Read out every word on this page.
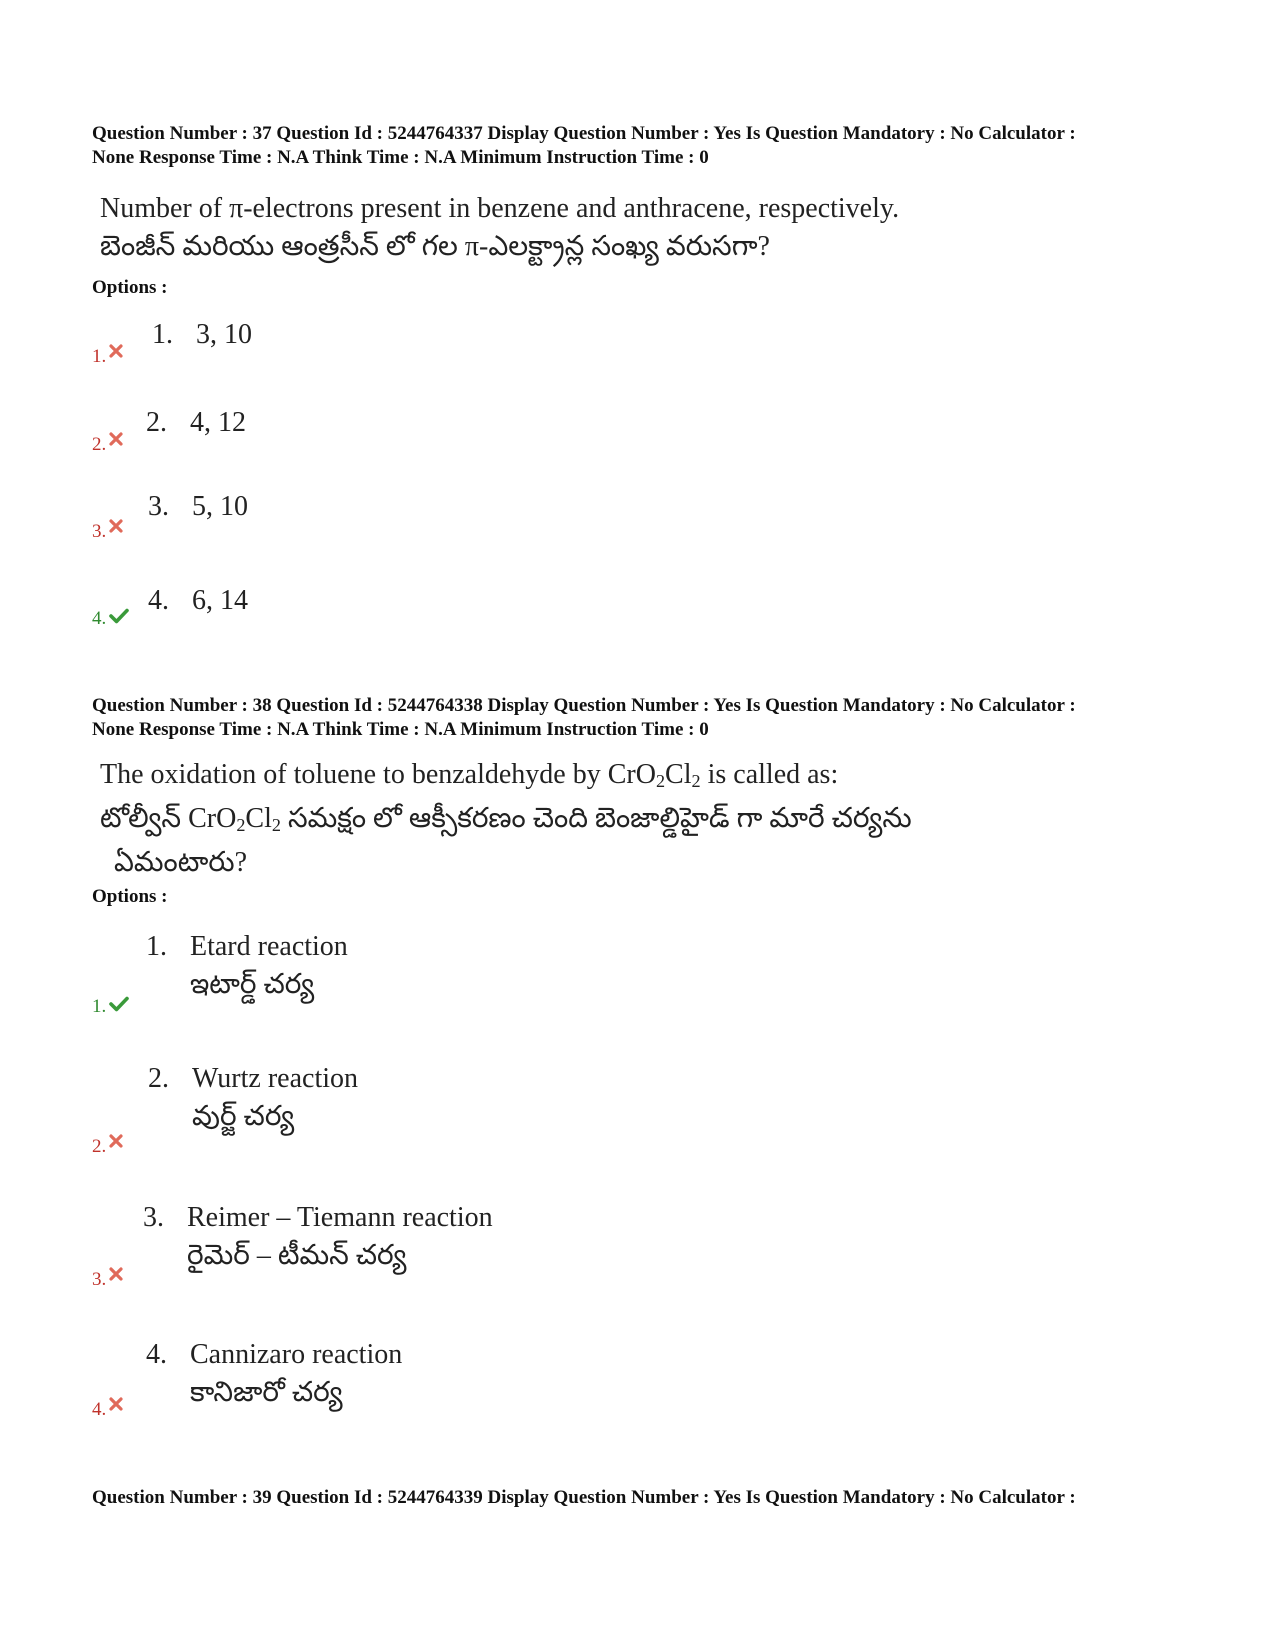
Question Number : 37 Question Id : 5244764337 Display Question Number : Yes Is Question Mandatory : No Calculator :
None Response Time : N.A Think Time : N.A Minimum Instruction Time : 0
Number of π-electrons present in benzene and anthracene, respectively.
బెంజీన్ మరియు ఆంత్రసీన్ లో గల π-ఎలక్ట్రాన్ల సంఖ్య వరుసగా?
Options :
1.
1. 3, 10
2.
2. 4, 12
3.
3. 5, 10
4.
4. 6, 14
Question Number : 38 Question Id : 5244764338 Display Question Number : Yes Is Question Mandatory : No Calculator :
None Response Time : N.A Think Time : N.A Minimum Instruction Time : 0
The oxidation of toluene to benzaldehyde by $CrO_2Cl_2$ is called as:
టోల్వీన్ $CrO_2Cl_2$ సమక్షం లో ఆక్సీకరణం చెంది బెంజాల్డిహైడ్ గా మారే చర్యను
ఏమంటారు?
Options :
1.
1. Etard reaction
ఇటార్డ్ చర్య
2.
2. Wurtz reaction
వుర్జ్ చర్య
3.
3. Reimer – Tiemann reaction
రైమెర్ – టీమన్ చర్య
4.
4. Cannizaro reaction
కానిజారో చర్య
Question Number : 39 Question Id : 5244764339 Display Question Number : Yes Is Question Mandatory : No Calculator :
